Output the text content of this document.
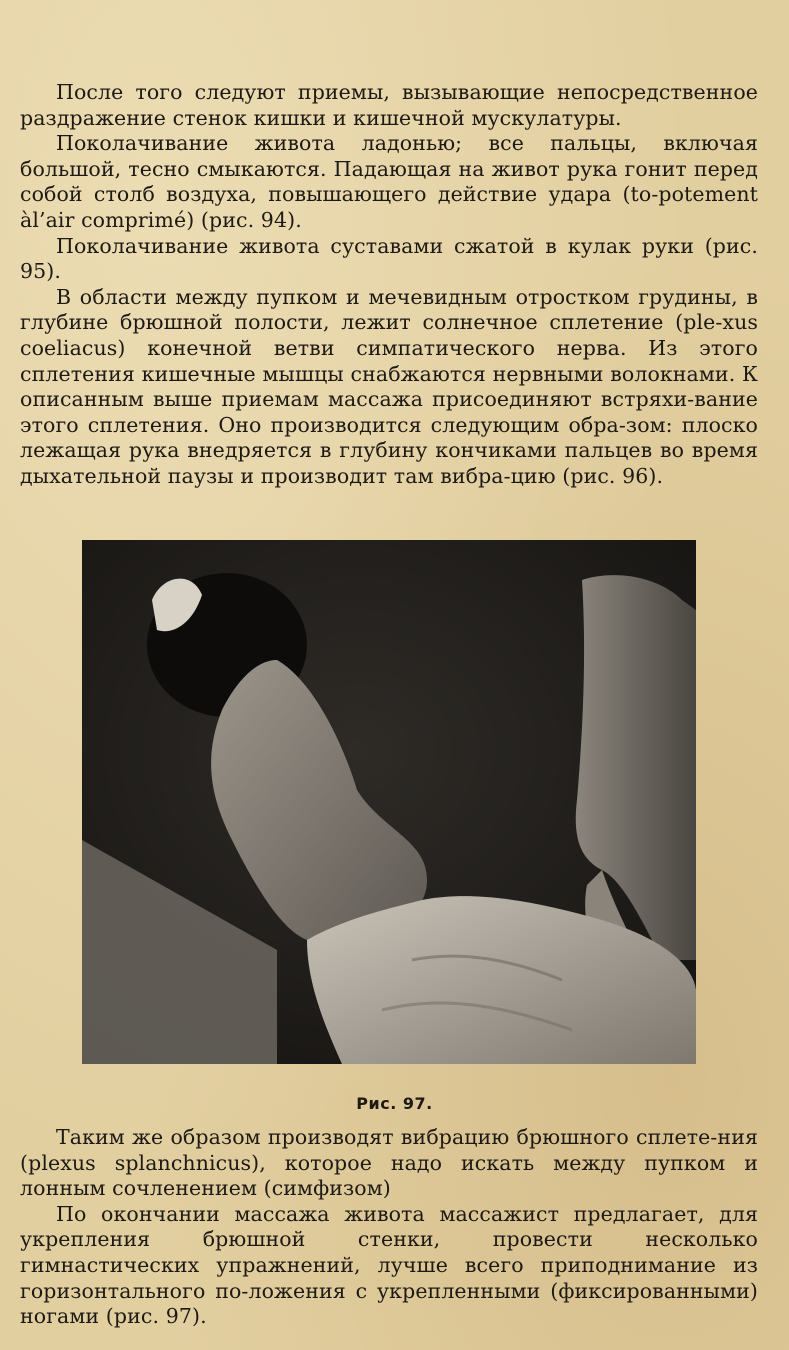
После того следуют приемы, вызывающие непосредственное раздражение стенок кишки и кишечной мускулатуры.

Поколачивание живота ладонью; все пальцы, включая большой, тесно смыкаются. Падающая на живот рука гонит перед собой столб воздуха, повышающего действие удара (tо-potement àl’air comprimé) (рис. 94).

Поколачивание живота суставами сжатой в кулак руки (рис. 95).

В области между пупком и мечевидным отростком грудины, в глубине брюшной полости, лежит солнечное сплетение (plе-xus coeliacus) конечной ветви симпатического нерва. Из этого сплетения кишечные мышцы снабжаются нервными волокнами. К описанным выше приемам массажа присоединяют встряхи-вание этого сплетения. Оно производится следующим обра-зом: плоско лежащая рука внедряется в глубину кончиками пальцев во время дыхательной паузы и производит там вибра-цию (рис. 96).

Рис. 97.

Таким же образом производят вибрацию брюшного сплете-ния (plexus splanchnicus), которое надо искать между пупком и лонным сочленением (симфизом)

По окончании массажа живота массажист предлагает, для укрепления брюшной стенки, провести несколько гимнастических упражнений, лучше всего приподнимание из горизонтального по-ложения с укрепленными (фиксированными) ногами (рис. 97).
